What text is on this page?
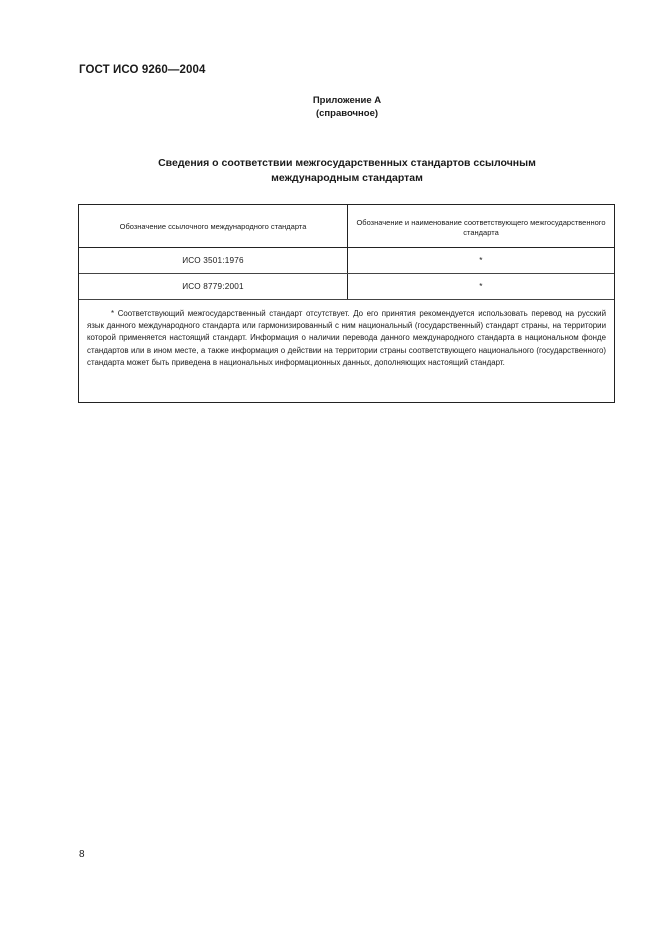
ГОСТ ИСО 9260—2004
Приложение А
(справочное)
Сведения о соответствии межгосударственных стандартов ссылочным
международным стандартам
Обозначение ссылочного международного стандарта	Обозначение и наименование соответствующего межгосударственного стандарта
ИСО 3501:1976	*
ИСО 8779:2001	*
* Соответствующий межгосударственный стандарт отсутствует. До его принятия рекомендуется использовать перевод на русский язык данного международного стандарта или гармонизированный с ним национальный (государственный) стандарт страны, на территории которой применяется настоящий стандарт. Информация о наличии перевода данного международного стандарта в национальном фонде стандартов или в ином месте, а также информация о действии на территории страны соответствующего национального (государственного) стандарта может быть приведена в национальных информационных данных, дополняющих настоящий стандарт.
8
